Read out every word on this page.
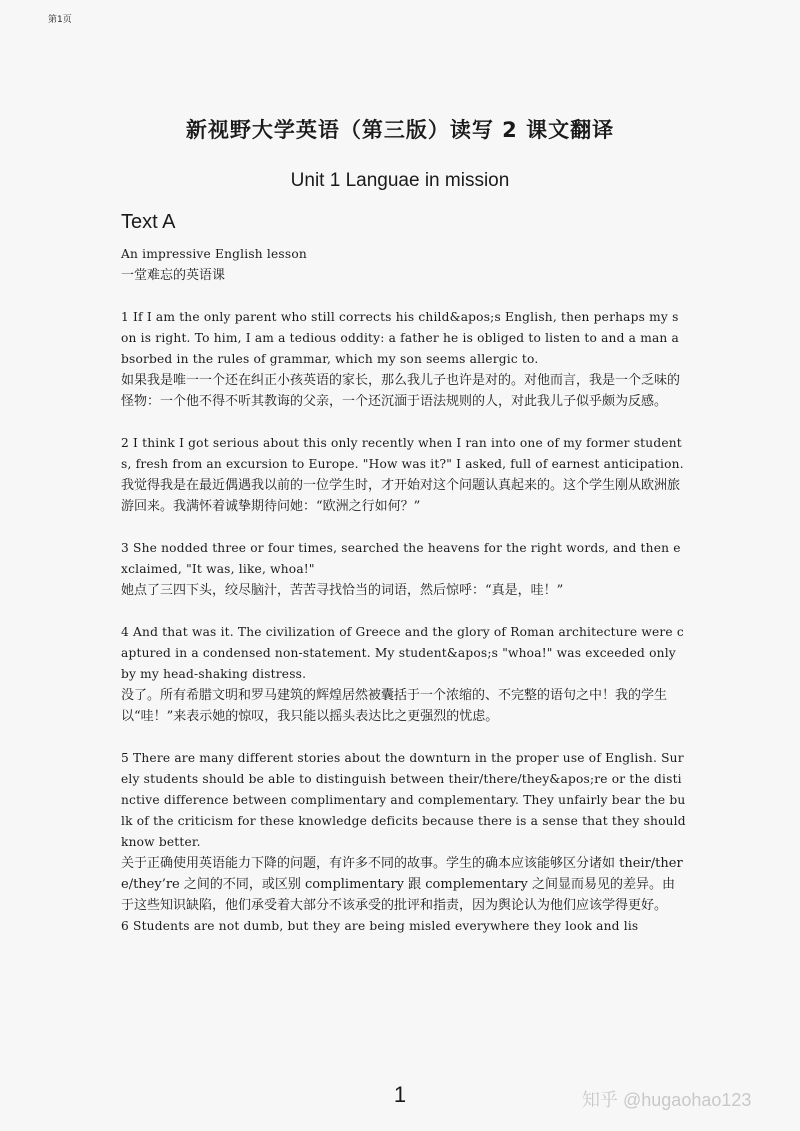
第1页
新视野大学英语（第三版）读写 2 课文翻译
Unit 1 Languae in mission
Text A

An impressive English lesson

一堂难忘的英语课

1 If I am the only parent who still corrects his child&apos;s English, then perhaps my son is right. To him, I am a tedious oddity: a father he is obliged to listen to and a man absorbed in the rules of grammar, which my son seems allergic to.

如果我是唯一一个还在纠正小孩英语的家长，那么我儿子也许是对的。对他而言，我是一个乏味的怪物：一个他不得不听其教诲的父亲，一个还沉湎于语法规则的人，对此我儿子似乎颇为反感。

2 I think I got serious about this only recently when I ran into one of my former students, fresh from an excursion to Europe. "How was it?" I asked, full of earnest anticipation.

我觉得我是在最近偶遇我以前的一位学生时，才开始对这个问题认真起来的。这个学生刚从欧洲旅游回来。我满怀着诚挚期待问她：“欧洲之行如何？”

3 She nodded three or four times, searched the heavens for the right words, and then exclaimed, "It was, like, whoa!"

她点了三四下头，绞尽脑汁，苦苦寻找恰当的词语，然后惊呼：“真是，哇！”

4 And that was it. The civilization of Greece and the glory of Roman architecture were captured in a condensed non-statement. My student&apos;s "whoa!" was exceeded only by my head-shaking distress.

没了。所有希腊文明和罗马建筑的辉煌居然被囊括于一个浓缩的、不完整的语句之中！我的学生以“哇！”来表示她的惊叹，我只能以摇头表达比之更强烈的忧虑。

5 There are many different stories about the downturn in the proper use of English. Surely students should be able to distinguish between their/there/they&apos;re or the distinctive difference between complimentary and complementary. They unfairly bear the bulk of the criticism for these knowledge deficits because there is a sense that they should know better.

关于正确使用英语能力下降的问题，有许多不同的故事。学生的确本应该能够区分诸如 their/there/they’re 之间的不同，或区别 complimentary 跟 complementary 之间显而易见的差异。由于这些知识缺陷，他们承受着大部分不该承受的批评和指责，因为舆论认为他们应该学得更好。

6 Students are not dumb, but they are being misled everywhere they look and lis

1	知乎 @hugaohao123
